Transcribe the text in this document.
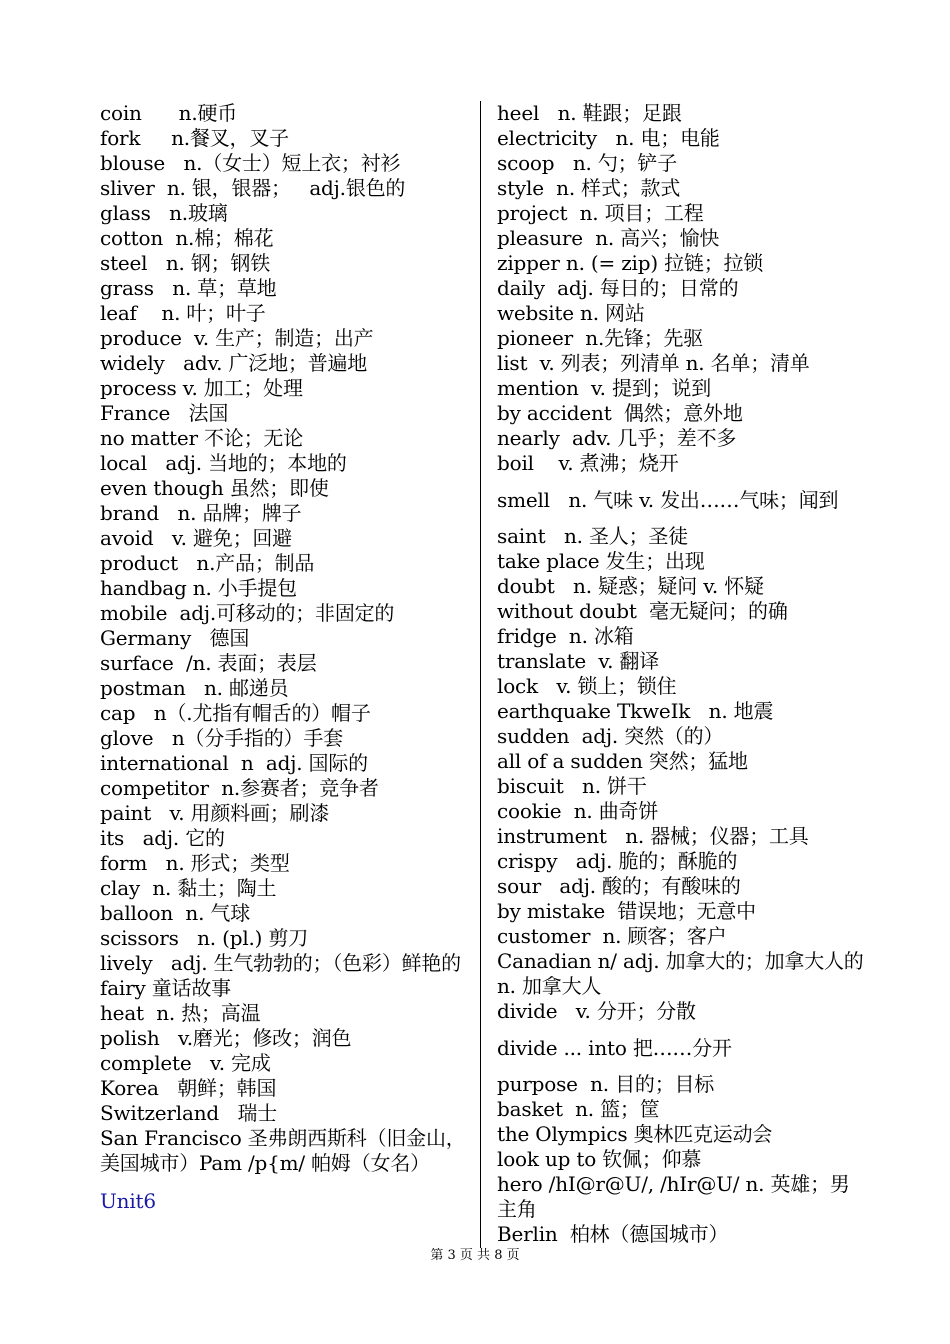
coin      n.硬币
fork     n.餐叉，叉子
blouse   n.（女士）短上衣；衬衫
sliver  n. 银，银器；   adj.银色的
glass   n.玻璃
cotton  n.棉；棉花
steel   n. 钢；钢铁
grass   n. 草；草地
leaf    n. 叶；叶子
produce  v. 生产；制造；出产
widely   adv. 广泛地；普遍地
process v. 加工；处理
France   法国
no matter 不论；无论
local   adj. 当地的；本地的
even though 虽然；即使
brand   n. 品牌；牌子
avoid   v. 避免；回避
product   n.产品；制品
handbag n. 小手提包
mobile  adj.可移动的；非固定的
Germany   德国
surface  /n. 表面；表层
postman   n. 邮递员
cap   n（.尤指有帽舌的）帽子
glove   n（分手指的）手套
international  n  adj. 国际的
competitor  n.参赛者；竞争者
paint   v. 用颜料画；刷漆
its   adj. 它的
form   n. 形式；类型
clay  n. 黏土；陶土
balloon  n. 气球
scissors   n. (pl.) 剪刀
lively   adj. 生气勃勃的；（色彩）鲜艳的
fairy 童话故事
heat  n. 热；高温
polish   v.磨光；修改；润色
complete   v. 完成
Korea   朝鲜；韩国
Switzerland   瑞士
San Francisco 圣弗朗西斯科（旧金山，美国城市）Pam /p{m/ 帕姆（女名）
Unit6
heel   n. 鞋跟；足跟
electricity   n. 电；电能
scoop   n. 勺；铲子
style  n. 样式；款式
project  n. 项目；工程
pleasure  n. 高兴；愉快
zipper n. (= zip) 拉链；拉锁
daily  adj. 每日的；日常的
website n. 网站
pioneer  n.先锋；先驱
list  v. 列表；列清单 n. 名单；清单
mention  v. 提到；说到
by accident  偶然；意外地
nearly  adv. 几乎；差不多
boil    v. 煮沸；烧开
smell   n. 气味 v. 发出……气味；闻到
saint   n. 圣人；圣徒
take place 发生；出现
doubt   n. 疑惑；疑问 v. 怀疑
without doubt  毫无疑问；的确
fridge  n. 冰箱
translate  v. 翻译
lock   v. 锁上；锁住
earthquake TkweIk   n. 地震
sudden  adj. 突然（的）
all of a sudden 突然；猛地
biscuit   n. 饼干
cookie  n. 曲奇饼
instrument   n. 器械；仪器；工具
crispy   adj. 脆的；酥脆的
sour   adj. 酸的；有酸味的
by mistake  错误地；无意中
customer  n. 顾客；客户
Canadian n/ adj. 加拿大的；加拿大人的 n. 加拿大人
divide   v. 分开；分散
divide ... into 把……分开
purpose  n. 目的；目标
basket  n. 篮；筐
the Olympics 奥林匹克运动会
look up to 钦佩；仰慕
hero /hI@r@U/, /hIr@U/ n. 英雄；男主角
Berlin  柏林（德国城市）
第 3 页 共 8 页
